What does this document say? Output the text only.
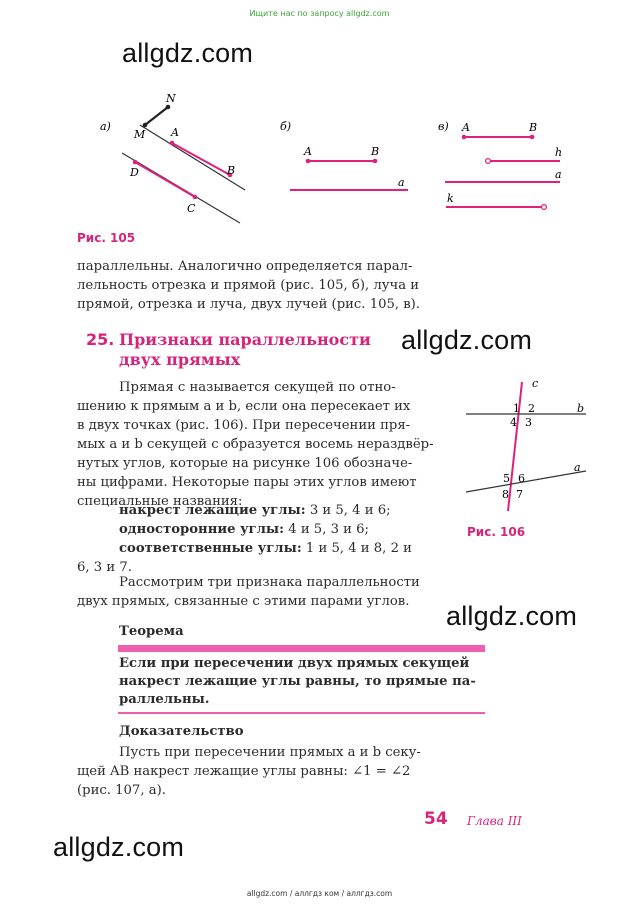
Ищите нас по запросу allgdz.com
allgdz.com
allgdz.com
allgdz.com
allgdz.com
а)
N
M A
D	B
C
б)
A	B
a
в) A	B
h
a
k
Рис. 105
параллельны. Аналогично определяется парал-
лельность отрезка и прямой (рис. 105, б), луча и
прямой, отрезка и луча, двух лучей (рис. 105, в).
25. Признаки параллельности
двух прямых
Прямая c называется секущей по отно-
шению к прямым a и b, если она пересекает их
в двух точках (рис. 106). При пересечении пря-
мых a и b секущей c образуется восемь нераздвёр-
нутых углов, которые на рисунке 106 обозначе-
ны цифрами. Некоторые пары этих углов имеют
специальные названия:
накрест лежащие углы: 3 и 5, 4 и 6;
односторонние углы: 4 и 5, 3 и 6;
соответственные углы: 1 и 5, 4 и 8, 2 и
6, 3 и 7.
Рассмотрим три признака параллельности
двух прямых, связанные с этими парами углов.
c
b
a
1 2
4 3
5 6
8 7
Рис. 106
Теорема
Если при пересечении двух прямых секущей
накрест лежащие углы равны, то прямые па-
раллельны.
Доказательство
Пусть при пересечении прямых a и b секу-
щей AB накрест лежащие углы равны: ∠1 = ∠2
(рис. 107, а).
54 Глава III
allgdz.com / аллгдз ком / аллгдз.com
